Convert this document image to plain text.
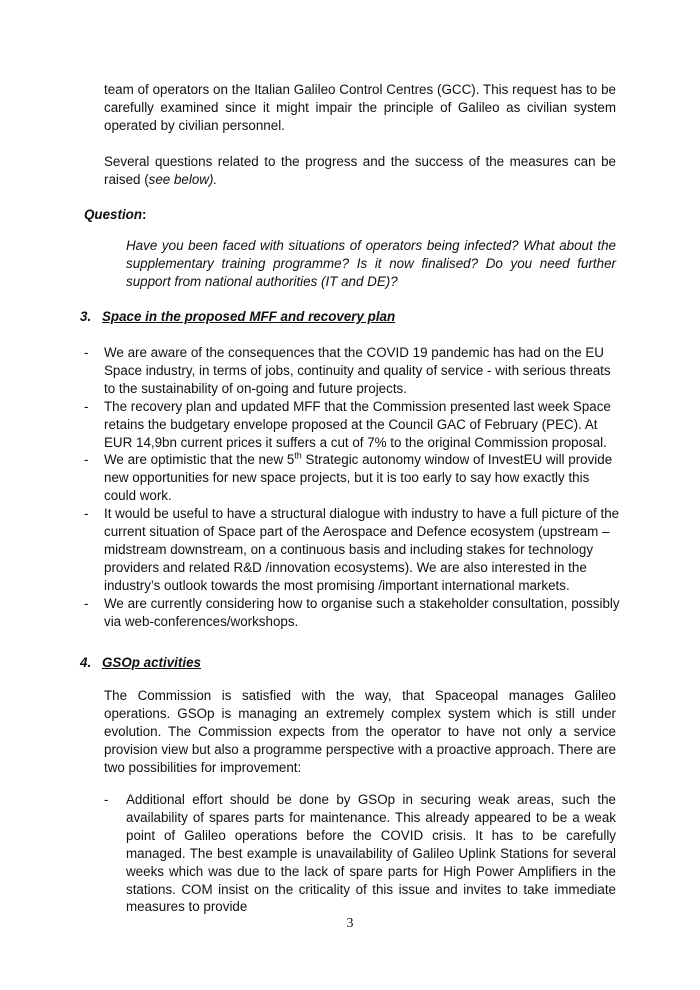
team of operators on the Italian Galileo Control Centres (GCC). This request has to be carefully examined since it might impair the principle of Galileo as civilian system operated by civilian personnel.

Several questions related to the progress and the success of the measures can be raised (see below).

Question:

Have you been faced with situations of operators being infected? What about the supplementary training programme? Is it now finalised? Do you need further support from national authorities (IT and DE)?

3. Space in the proposed MFF and recovery plan
- We are aware of the consequences that the COVID 19 pandemic has had on the EU Space industry, in terms of jobs, continuity and quality of service - with serious threats to the sustainability of on-going and future projects.
- The recovery plan and updated MFF that the Commission presented last week Space retains the budgetary envelope proposed at the Council GAC of February (PEC). At EUR 14,9bn current prices it suffers a cut of 7% to the original Commission proposal.
- We are optimistic that the new 5th Strategic autonomy window of InvestEU will provide new opportunities for new space projects, but it is too early to say how exactly this could work.
- It would be useful to have a structural dialogue with industry to have a full picture of the current situation of Space part of the Aerospace and Defence ecosystem (upstream – midstream downstream, on a continuous basis and including stakes for technology providers and related R&D /innovation ecosystems). We are also interested in the industry’s outlook towards the most promising /important international markets.
- We are currently considering how to organise such a stakeholder consultation, possibly via web-conferences/workshops.
4. GSOp activities

The Commission is satisfied with the way, that Spaceopal manages Galileo operations. GSOp is managing an extremely complex system which is still under evolution. The Commission expects from the operator to have not only a service provision view but also a programme perspective with a proactive approach. There are two possibilities for improvement:

- Additional effort should be done by GSOp in securing weak areas, such the availability of spares parts for maintenance. This already appeared to be a weak point of Galileo operations before the COVID crisis. It has to be carefully managed. The best example is unavailability of Galileo Uplink Stations for several weeks which was due to the lack of spare parts for High Power Amplifiers in the stations. COM insist on the criticality of this issue and invites to take immediate measures to provide
3
